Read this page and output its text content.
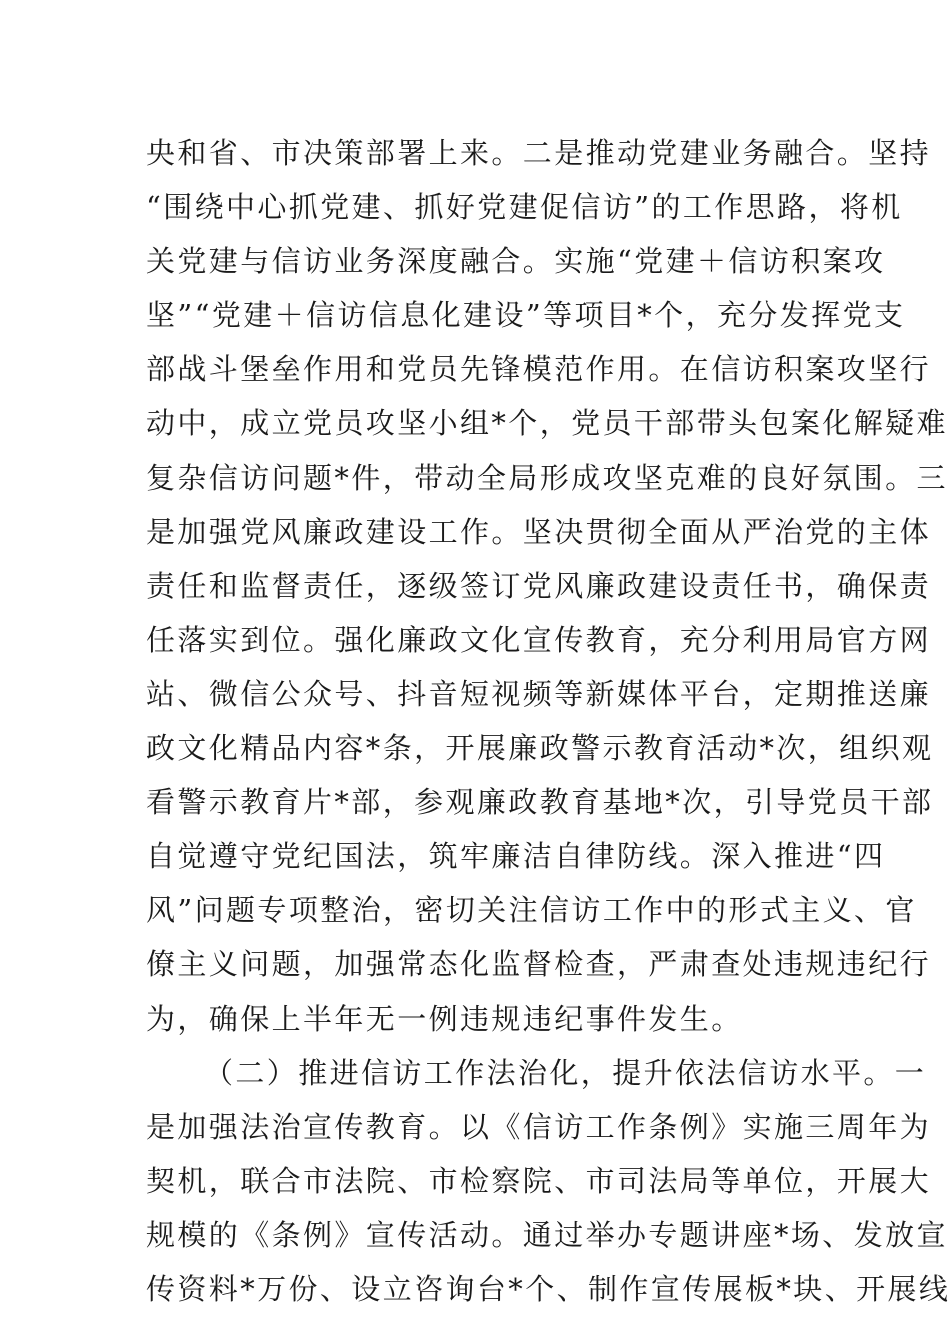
央和省、市决策部署上来。二是推动党建业务融合。坚持
“围绕中心抓党建、抓好党建促信访”的工作思路，将机
关党建与信访业务深度融合。实施“党建＋信访积案攻
坚”“党建＋信访信息化建设”等项目*个，充分发挥党支
部战斗堡垒作用和党员先锋模范作用。在信访积案攻坚行
动中，成立党员攻坚小组*个，党员干部带头包案化解疑难
复杂信访问题*件，带动全局形成攻坚克难的良好氛围。三
是加强党风廉政建设工作。坚决贯彻全面从严治党的主体
责任和监督责任，逐级签订党风廉政建设责任书，确保责
任落实到位。强化廉政文化宣传教育，充分利用局官方网
站、微信公众号、抖音短视频等新媒体平台，定期推送廉
政文化精品内容*条，开展廉政警示教育活动*次，组织观
看警示教育片*部，参观廉政教育基地*次，引导党员干部
自觉遵守党纪国法，筑牢廉洁自律防线。深入推进“四
风”问题专项整治，密切关注信访工作中的形式主义、官
僚主义问题，加强常态化监督检查，严肃查处违规违纪行
为，确保上半年无一例违规违纪事件发生。
（二）推进信访工作法治化，提升依法信访水平。一
是加强法治宣传教育。以《信访工作条例》实施三周年为
契机，联合市法院、市检察院、市司法局等单位，开展大
规模的《条例》宣传活动。通过举办专题讲座*场、发放宣
传资料*万份、设立咨询台*个、制作宣传展板*块、开展线
